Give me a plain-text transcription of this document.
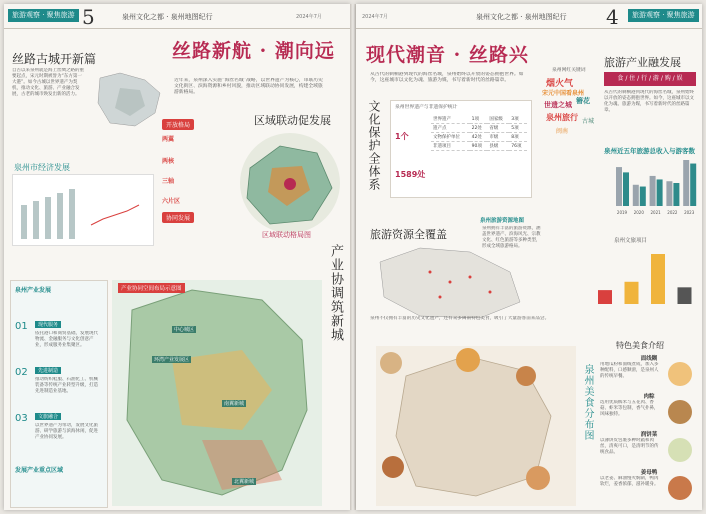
旅游观察 · 聚焦旅游 5	泉州文化之都 · 泉州地图纪行	2024年7月
丝路新航 · 潮向远
丝路古城开新篇
自古以来泉州就是海上丝绸之路的重要起点，宋元时期被誉为“东方第一大港”。如今古城以世界遗产为契机，推动文化、旅游、产业融合发展，古老的城市焕发出新的活力。
近年来，泉州深入实施“海丝名城”战略，以世界遗产为核心，串联历史文化街区、滨海资源和乡村风貌，推动区域联动协同发展，构建全域旅游新格局。
区域联动促发展
开放格局
两翼
两核
三轴
六片区
协同发展
区域联动格局图
泉州市经济发展
产业协调筑新城
泉州产业发展
01	现代服务
依托港口和商贸基础，发展现代物流、金融服务与文化创意产业，形成服务业集聚区。
02	先进制造
推动纺织鞋服、石油化工、机械装备等传统产业转型升级，打造先进制造业基地。
03	文旅融合
以世界遗产为带动，发展文化旅游、研学旅游与滨海休闲，促进产业协同发展。
发展产业重点区域
产业协同空间布局示意图
中心城区
环湾产业发展区
南翼新城
北翼新城
2024年7月	泉州文化之都 · 泉州地图纪行 4	旅游观察 · 聚焦旅游
现代潮音 · 丝路兴
从古代的刺桐港到现代的海丝名城，泉州始终以开放的姿态拥抱世界。如今，这座城市以文化为魂、旅游为媒，书写着新时代的丝路篇章。
文化保护全体系	泉州世界遗产与非遗保护统计
1个
1589处
世界遗产	1项	国家级	3项
遗产点	22处	省级	5项
文物保护单位	42处	市级	8项
非遗项目	90项	县级	76项
旅游资源全覆盖
泉州旅游资源地图
泉州拥有丰富的旅游资源，涵盖世界遗产、滨海风光、宗教文化、红色旅游等多种类型，形成全域旅游格局。
旅游产业融发展
食 / 住 / 行 / 游 / 购 / 娱
泉州网红关键词
烟火气
宋元中国看泉州
簪花
世遗之城
泉州旅行 古城
闽南
从古代的刺桐港到现代的海丝名城，泉州始终以开放的姿态拥抱世界。如今，这座城市以文化为魂、旅游为媒，书写着新时代的丝路篇章。
泉州近五年旅游总收入与游客数
2019 2020 2021 2022 2023
泉州文旅项目
泉州不仅拥有丰富的历史文化遗产，还有众多闽南特色美食，吸引了大量游客前来品尝。
泉州美食分布图
特色美食介绍
面线糊
用地瓜粉和面线煮成，加入多种配料，口感顺滑，是泉州人的传统早餐。
肉粽
选用优质糯米与五花肉、香菇、虾米等包制，香气扑鼻，风味独特。
润饼菜
以薄饼皮包裹多种时蔬和肉丝，清爽可口，是清明节的传统食品。
姜母鸭
以老姜、麻油慢火焖制，鸭肉软烂，姜香浓郁，滋补暖身。
